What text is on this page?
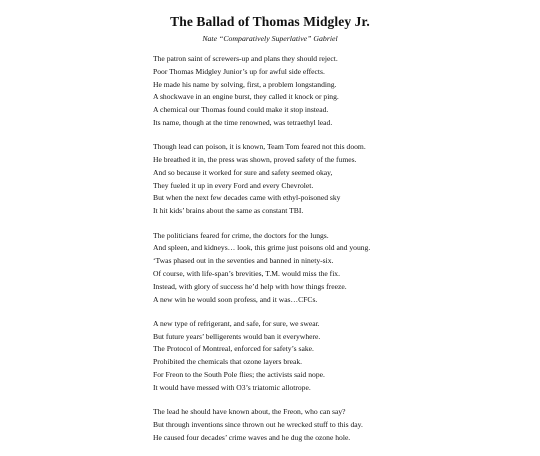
The Ballad of Thomas Midgley Jr.
Nate “Comparatively Superlative” Gabriel
The patron saint of screwers-up and plans they should reject.
Poor Thomas Midgley Junior’s up for awful side effects.
He made his name by solving, first, a problem longstanding.
A shockwave in an engine burst, they called it knock or ping.
A chemical our Thomas found could make it stop instead.
Its name, though at the time renowned, was tetraethyl lead.
Though lead can poison, it is known, Team Tom feared not this doom.
He breathed it in, the press was shown, proved safety of the fumes.
And so because it worked for sure and safety seemed okay,
They fueled it up in every Ford and every Chevrolet.
But when the next few decades came with ethyl-poisoned sky
It hit kids’ brains about the same as constant TBI.
The politicians feared for crime, the doctors for the lungs.
And spleen, and kidneys… look, this grime just poisons old and young.
‘Twas phased out in the seventies and banned in ninety-six.
Of course, with life-span’s brevities, T.M. would miss the fix.
Instead, with glory of success he’d help with how things freeze.
A new win he would soon profess, and it was…CFCs.
A new type of refrigerant, and safe, for sure, we swear.
But future years’ belligerents would ban it everywhere.
The Protocol of Montreal, enforced for safety’s sake.
Prohibited the chemicals that ozone layers break.
For Freon to the South Pole flies; the activists said nope.
It would have messed with O3’s triatomic allotrope.
The lead he should have known about, the Freon, who can say?
But through inventions since thrown out he wrecked stuff to this day.
He caused four decades’ crime waves and he dug the ozone hole.
